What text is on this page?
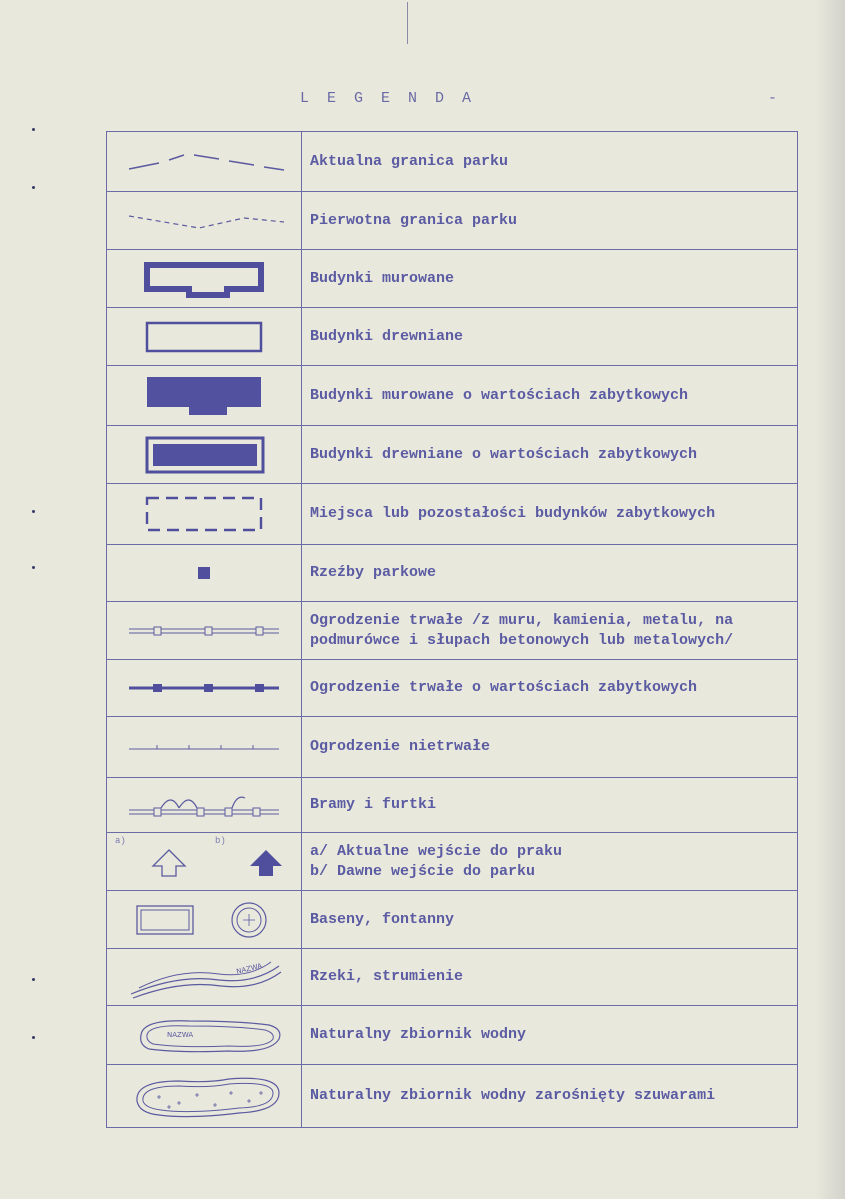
LEGENDA	-
Aktualna granica parku
Pierwotna granica parku
Budynki murowane
Budynki drewniane
Budynki murowane o wartościach zabytkowych
Budynki drewniane o wartościach zabytkowych
Miejsca lub pozostałości budynków zabytkowych
Rzeźby parkowe
Ogrodzenie trwałe /z muru, kamienia, metalu, na
podmurówce i słupach betonowych lub metalowych/
Ogrodzenie trwałe o wartościach zabytkowych
Ogrodzenie nietrwałe
Bramy i furtki
a)	b)
a/ Aktualne wejście do praku
b/ Dawne wejście do parku
Baseny, fontanny
NAZWA	Rzeki, strumienie
NAZWA	Naturalny zbiornik wodny
Naturalny zbiornik wodny zarośnięty szuwarami
